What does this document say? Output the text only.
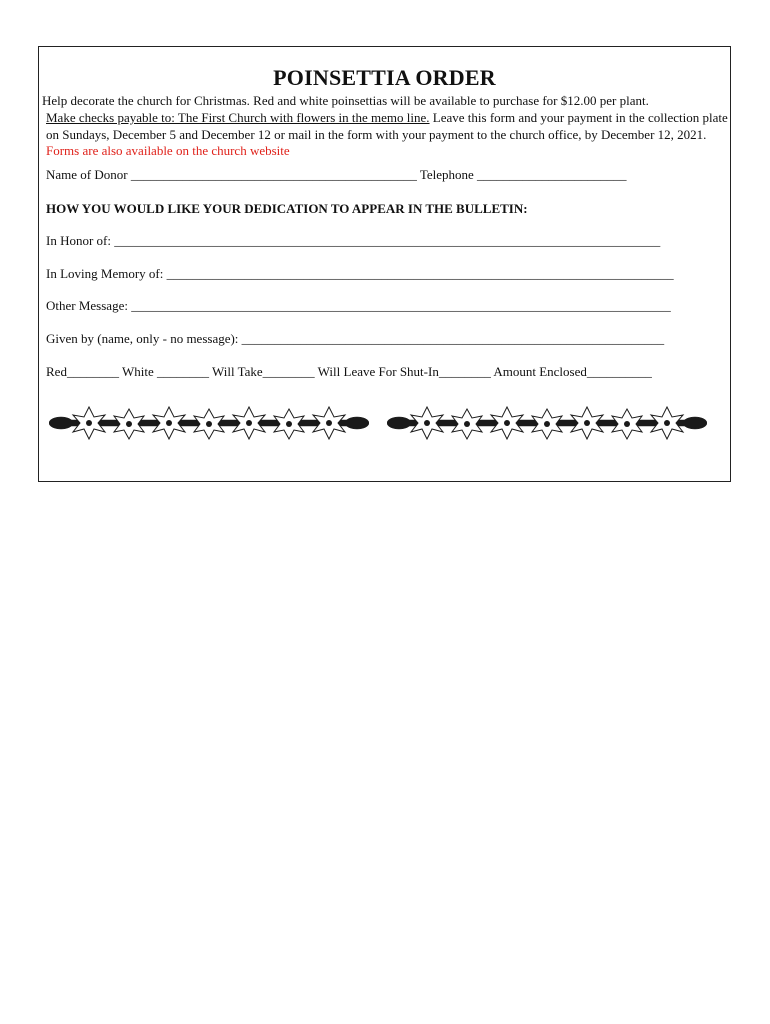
POINSETTIA ORDER
Help decorate the church for Christmas. Red and white poinsettias will be available to purchase for $12.00 per plant.
Make checks payable to: The First Church with flowers in the memo line. Leave this form and your payment in the collection plate on Sundays, December 5 and December 12 or mail in the form with your payment to the church office, by December 12, 2021. Forms are also available on the church website
Name of Donor ____________________________________________ Telephone _______________________
HOW YOU WOULD LIKE YOUR DEDICATION TO APPEAR IN THE BULLETIN:
In Honor of: ____________________________________________________________________________________
In Loving Memory of: ______________________________________________________________________________
Other Message: ___________________________________________________________________________________
Given by (name, only - no message): _________________________________________________________________
Red________ White ________ Will Take________ Will Leave For Shut-In________ Amount Enclosed__________
